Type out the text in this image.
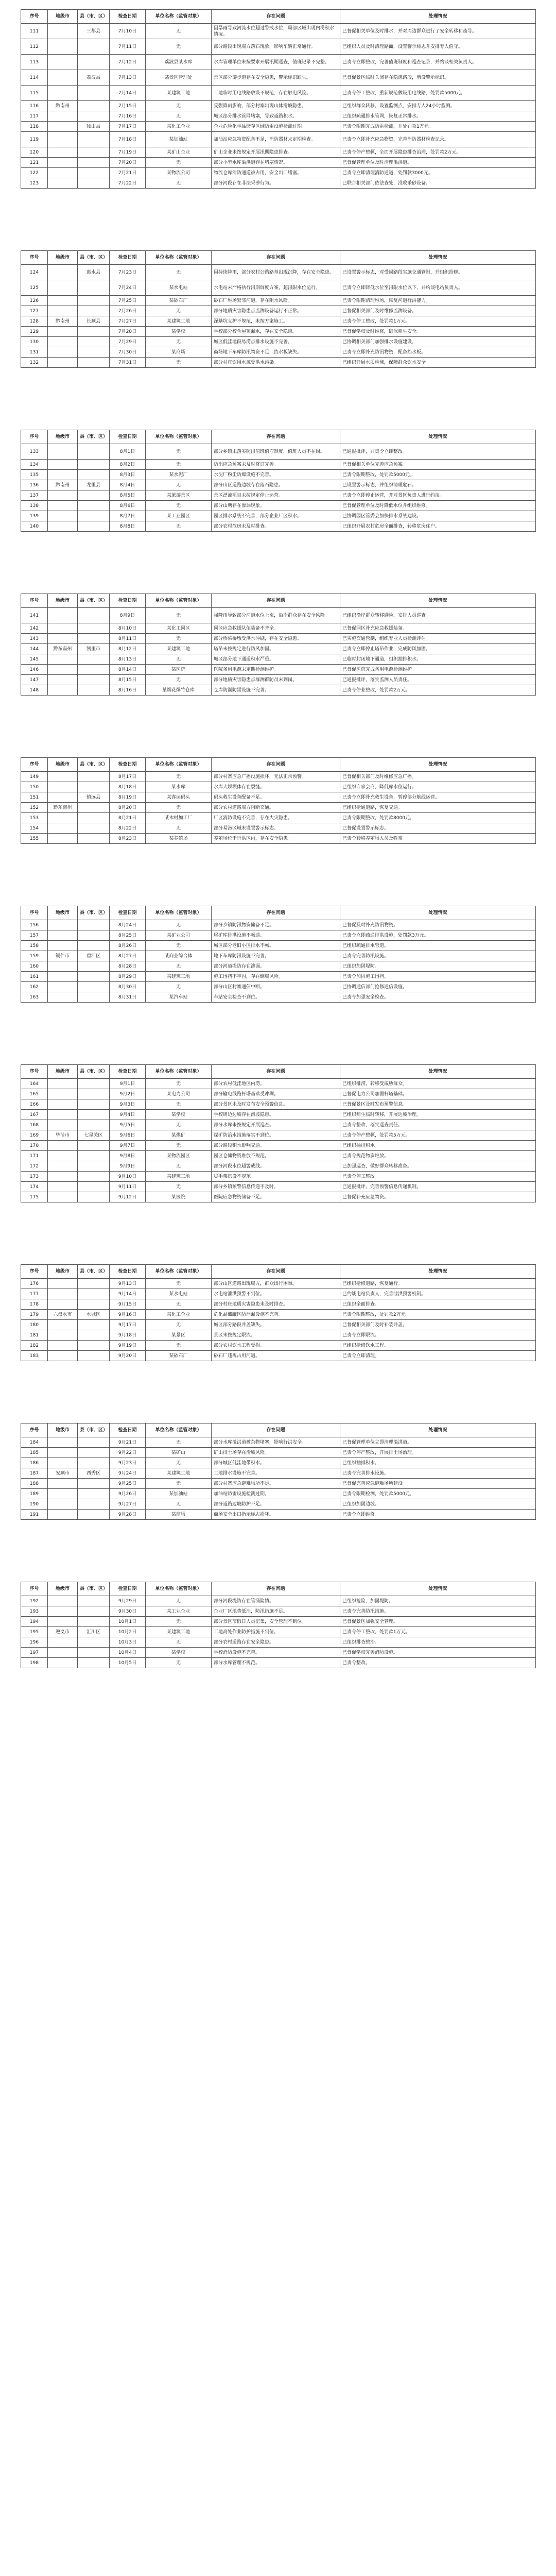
序号	地级市	县（市、区）	检查日期	单位名称（监管对象）	存在问题	处理情况
111		三都县	7月10日	无	因暴雨导致河流水位超过警戒水位，局部区域出现内涝积水情况。	已督促相关单位及时排水，并对周边群众进行了安全转移和疏导。
112			7月11日	无	部分路段出现塌方落石现象，影响车辆正常通行。	已组织人员及时清理路面，设置警示标志并安排专人值守。
113			7月12日	荔波县某水库	水库管理单位未按要求开展汛期巡查，值班记录不完整。	已责令立即整改，完善值班制度和巡查记录，并约谈相关负责人。
114		荔波县	7月13日	某景区管理处	景区部分游步道存在安全隐患，警示标识缺失。	已督促景区临时关闭存在隐患路段，增设警示标识。
115			7月14日	某建筑工地	工地临时用电线路敷设不规范，存在触电风险。	已责令停工整改，重新规范敷设用电线路，处罚款5000元。
116	黔南州		7月15日	无	受强降雨影响，部分村寨出现山体滑坡隐患。	已组织群众转移，设置监测点，安排专人24小时监测。
117			7月16日	无	城区部分排水管网堵塞，导致道路积水。	已组织疏通排水管网，恢复正常排水。
118		独山县	7月17日	某化工企业	企业危险化学品储存区域防雷设施检测过期。	已责令限期完成防雷检测，并处罚款1万元。
119			7月18日	某加油站	加油站应急物资配备不足，消防器材未定期检查。	已责令立即补充应急物资，完善消防器材检查记录。
120			7月19日	某矿山企业	矿山企业未按规定开展汛期隐患排查。	已责令停产整顿，全面开展隐患排查治理，处罚款2万元。
121			7月20日	无	部分小型水库溢洪道存在堵塞情况。	已督促管理单位及时清理溢洪道。
122			7月21日	某物流公司	物流仓库消防通道被占用，安全出口堵塞。	已责令立即清理消防通道，处罚款3000元。
123			7月22日	无	部分河段存在非法采砂行为。	已联合相关部门依法查处，没收采砂设备。
序号	地级市	县（市、区）	检查日期	单位名称（监管对象）	存在问题	处理情况
124		惠水县	7月23日	无	因持续降雨，部分农村公路路基出现沉降，存在安全隐患。	已设置警示标志，对受损路段实施交通管制，并组织抢修。
125			7月24日	某水电站	水电站未严格执行汛期调度方案，超汛限水位运行。	已责令立即降低水位至汛限水位以下，并约谈电站负责人。
126			7月25日	某砂石厂	砂石厂堆场紧邻河道，存在阻水风险。	已责令限期清理堆场，恢复河道行洪能力。
127			7月26日	无	部分地质灾害隐患点监测设备运行不正常。	已督促相关部门及时维修监测设备。
128	黔南州	长顺县	7月27日	某建筑工地	深基坑支护不规范，未按方案施工。	已责令停工整改，处罚款1万元。
129			7月28日	某学校	学校部分校舍屋顶漏水，存在安全隐患。	已督促学校及时维修，确保师生安全。
130			7月29日	无	城区低洼地段易涝点排水设施不完善。	已协调相关部门加强排水设施建设。
131			7月30日	某商场	商场地下车库防汛物资不足，挡水板缺失。	已责令立即补充防汛物资，配备挡水板。
132			7月31日	无	部分村庄饮用水源受洪水污染。	已组织开展水质检测，保障群众饮水安全。
序号	地级市	县（市、区）	检查日期	单位名称（监管对象）	存在问题	处理情况
133			8月1日	无	部分乡镇未落实防汛值班值守制度，值班人员不在岗。	已通报批评，并责令立即整改。
134			8月2日	无	防汛应急预案未及时修订完善。	已督促相关单位完善应急预案。
135			8月3日	某水泥厂	水泥厂粉尘防爆设施不完善。	已责令限期整改，处罚款5000元。
136	黔南州	龙里县	8月4日	无	部分山区道路边坡存在落石隐患。	已设置警示标志，并组织清理危石。
137			8月5日	某旅游景区	景区漂流项目未按规定停止运营。	已责令立即停止运营，并对景区负责人进行约谈。
138			8月6日	无	部分山塘存在渗漏现象。	已督促管理单位及时降低水位并组织维修。
139			8月7日	某工业园区	园区排水系统不完善，部分企业厂区积水。	已协调园区管委会加快排水系统建设。
140			8月8日	无	部分农村危房未及时排查。	已组织开展农村危房全面排查，转移危房住户。
序号	地级市	县（市、区）	检查日期	单位名称（监管对象）	存在问题	处理情况
141			8月9日	无	强降雨导致部分河道水位上涨，沿岸群众存在安全风险。	已组织沿岸群众转移避险，安排人员巡查。
142			8月10日	某化工园区	园区应急救援队伍装备不齐全。	已督促园区补充应急救援装备。
143			8月11日	无	部分桥梁桥墩受洪水冲刷，存在安全隐患。	已实施交通管制，组织专业人员检测评估。
144	黔东南州	凯里市	8月12日	某建筑工地	塔吊未按规定进行防风加固。	已责令立即停止塔吊作业，完成防风加固。
145			8月13日	无	城区部分地下通道积水严重。	已临时封闭地下通道，组织抽排积水。
146			8月14日	某医院	医院备用电源未定期检测维护。	已督促医院完成备用电源检测维护。
147			8月15日	无	部分地质灾害隐患点群测群防员未到岗。	已通报批评，落实监测人员责任。
148			8月16日	某烟花爆竹仓库	仓库防潮防雷设施不完善。	已责令停业整改，处罚款2万元。
序号	地级市	县（市、区）	检查日期	单位名称（监管对象）	存在问题	处理情况
149			8月17日	无	部分村寨应急广播设施损坏，无法正常预警。	已督促相关部门及时维修应急广播。
150			8月18日	某水库	水库大坝坝体存在裂缝。	已组织专家会商，降低库水位运行。
151		镇远县	8月19日	某客运码头	码头救生设备配备不足。	已责令立即补充救生设备，暂停部分航线运营。
152	黔东南州		8月20日	无	部分农村道路塌方阻断交通。	已组织抢通道路，恢复交通。
153			8月21日	某木材加工厂	厂区消防设施不完善，存在火灾隐患。	已责令限期整改，处罚款8000元。
154			8月22日	无	部分易涝区域未设置警示标志。	已督促设置警示标志。
155			8月23日	某养殖场	养殖场位于行洪区内，存在安全隐患。	已责令转移养殖场人员及牲畜。
序号	地级市	县（市、区）	检查日期	单位名称（监管对象）	存在问题	处理情况
156			8月24日	无	部分乡镇防汛物资储备不足。	已督促及时补充防汛物资。
157			8月25日	某矿业公司	尾矿库排洪设施不畅通。	已责令立即疏通排洪设施，处罚款3万元。
158			8月26日	无	城区部分老旧小区排水不畅。	已组织疏通排水管道。
159	铜仁市	碧江区	8月27日	某商业综合体	地下车库防汛设施不完善。	已责令完善防汛设施。
160			8月28日	无	部分河道堤防存在渗漏。	已组织加固堤防。
161			8月29日	某建筑工地	施工围挡不牢固，存在倒塌风险。	已责令加固施工围挡。
162			8月30日	无	部分山区村寨通信中断。	已协调通信部门抢修通信设施。
163			8月31日	某汽车站	车站安全检查不到位。	已责令加强安全检查。
序号	地级市	县（市、区）	检查日期	单位名称（监管对象）	存在问题	处理情况
164			9月1日	无	部分农村低洼地区内涝。	已组织排涝，转移受威胁群众。
165			9月2日	某电力公司	部分输电线路杆塔基础受冲刷。	已督促电力公司加固杆塔基础。
166			9月3日	无	部分景区未及时发布安全预警信息。	已督促景区及时发布预警信息。
167			9月4日	某学校	学校周边边坡存在滑坡隐患。	已组织师生临时转移，开展边坡治理。
168			9月5日	无	部分水库未按规定开展巡查。	已责令整改，落实巡查责任。
169	毕节市	七星关区	9月6日	某煤矿	煤矿防治水措施落实不到位。	已责令停产整顿，处罚款5万元。
170			9月7日	无	部分路段积水影响交通。	已组织抽排积水。
171			9月8日	某物流园区	园区仓储物资堆放不规范。	已责令规范物资堆放。
172			9月9日	无	部分河段水位超警戒线。	已加强巡查，做好群众转移准备。
173			9月10日	某建筑工地	脚手架搭设不规范。	已责令停工整改。
174			9月11日	无	部分乡镇预警信息传递不及时。	已通报批评，完善预警信息传递机制。
175			9月12日	某医院	医院应急物资储备不足。	已督促补充应急物资。
序号	地级市	县（市、区）	检查日期	单位名称（监管对象）	存在问题	处理情况
176			9月13日	无	部分山区道路出现塌方，群众出行困难。	已组织抢修道路，恢复通行。
177			9月14日	某水电站	水电站泄洪预警不到位。	已约谈电站负责人，完善泄洪预警机制。
178			9月15日	无	部分村庄地质灾害隐患未及时排查。	已组织全面排查。
179	六盘水市	水城区	9月16日	某化工企业	危化品储罐区防泄漏设施不完善。	已责令限期整改，处罚款2万元。
180			9月17日	无	城区部分路段井盖缺失。	已督促相关部门及时补装井盖。
181			9月18日	某景区	景区未按规定限流。	已责令立即限流。
182			9月19日	无	部分农村饮水工程受损。	已组织抢修饮水工程。
183			9月20日	某砂石厂	砂石厂违规占用河道。	已责令立即清理。
序号	地级市	县（市、区）	检查日期	单位名称（监管对象）	存在问题	处理情况
184			9月21日	无	部分水库溢洪道被杂物堵塞，影响行洪安全。	已督促管理单位立即清理溢洪道。
185			9月22日	某矿山	矿山排土场存在滑坡风险。	已责令停产整改，开展排土场治理。
186			9月23日	无	部分城区低洼地带积水。	已组织抽排积水。
187	安顺市	西秀区	9月24日	某建筑工地	工地排水设施不完善。	已责令完善排水设施。
188			9月25日	无	部分村寨应急避难场所不足。	已督促完善应急避难场所建设。
189			9月26日	某加油站	加油站防雷设施检测过期。	已责令限期检测，处罚款5000元。
190			9月27日	无	部分道路边坡防护不足。	已组织加固边坡。
191			9月28日	某商场	商场安全出口指示标志损坏。	已责令立即维修。
序号	地级市	县（市、区）	检查日期	单位名称（监管对象）	存在问题	处理情况
192			9月29日	无	部分河段堤防存在管涌险情。	已组织抢险，加固堤防。
193			9月30日	某工业企业	企业厂区地势低洼，防汛措施不足。	已责令完善防汛措施。
194			10月1日	无	部分景区节假日人员密集，安全管理不到位。	已督促景区加强安全管理。
195	遵义市	汇川区	10月2日	某建筑工地	工地高处作业防护措施不到位。	已责令停工整改，处罚款1万元。
196			10月3日	无	部分农村道路存在安全隐患。	已组织排查整治。
197			10月4日	某学校	学校消防设施不完善。	已督促学校完善消防设施。
198			10月5日	无	部分水库管理不规范。	已责令整改。
